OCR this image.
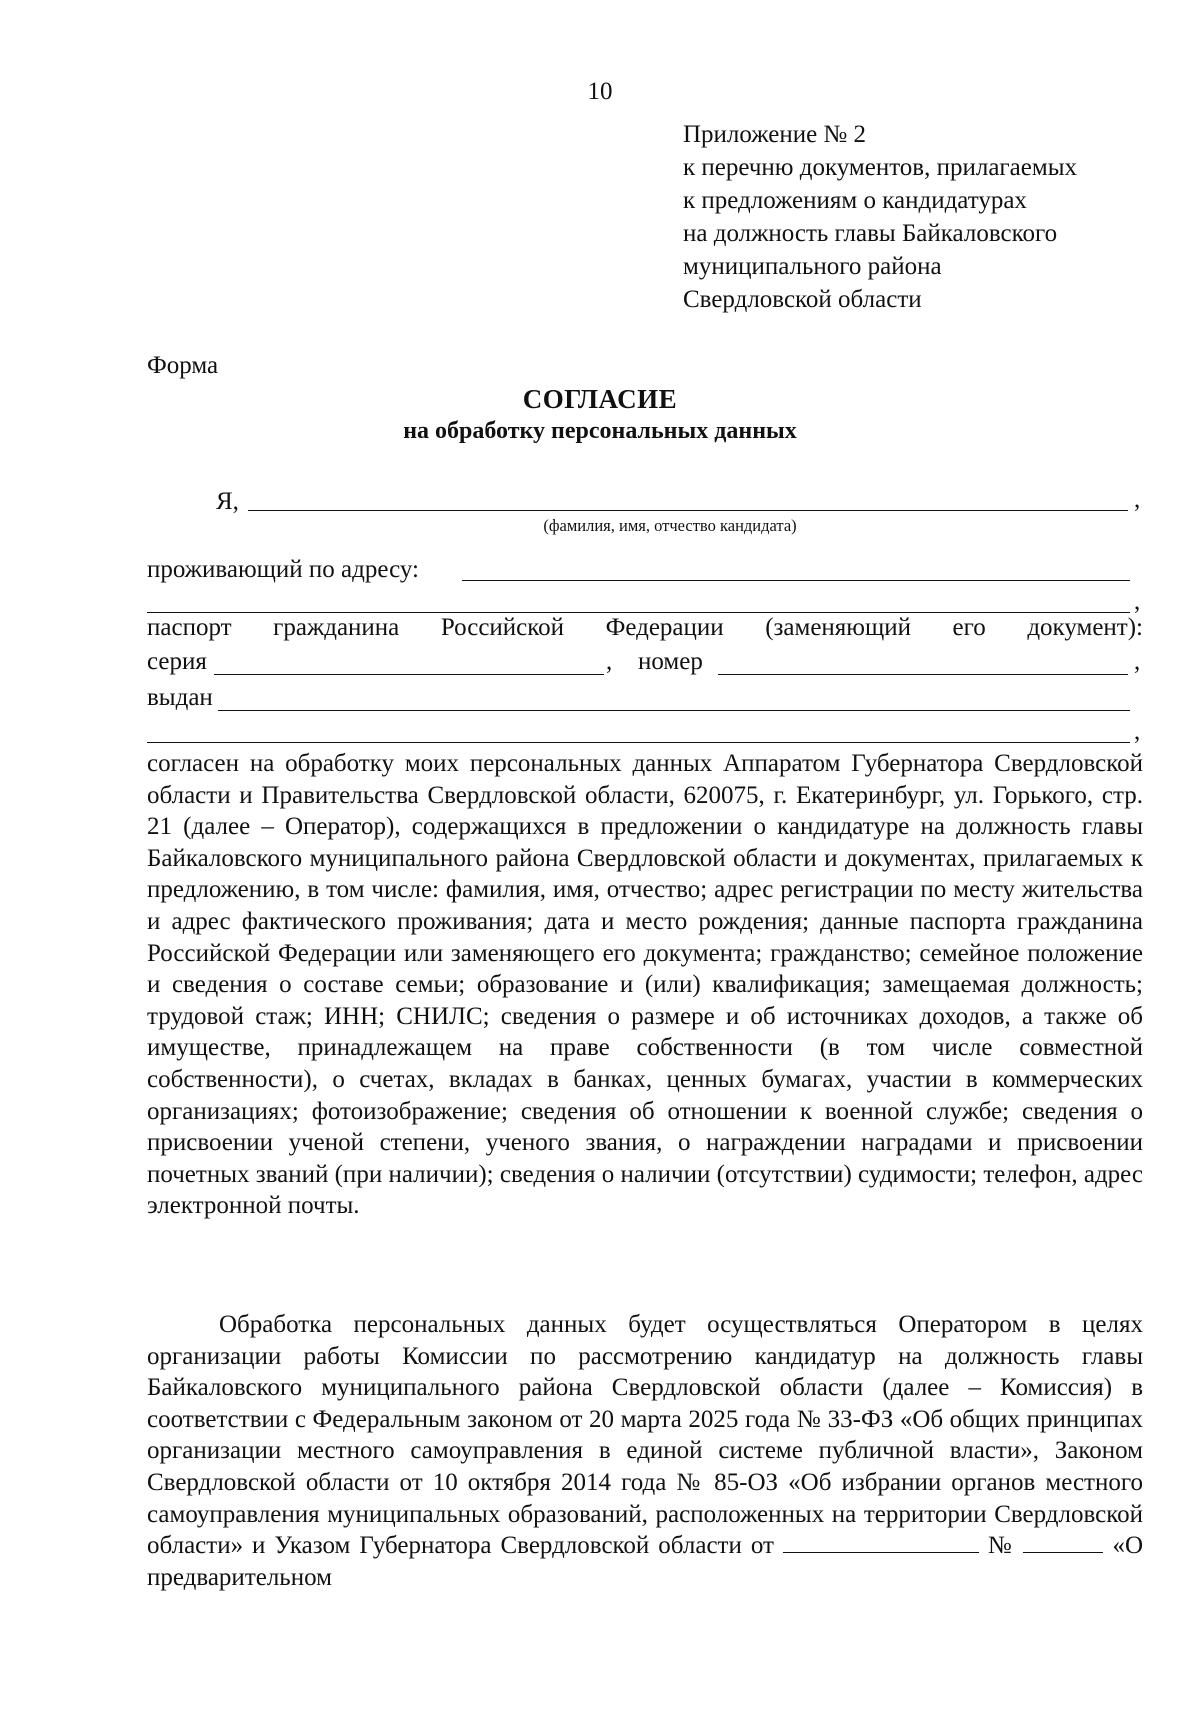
10
Приложение № 2
к перечню документов, прилагаемых
к предложениям о кандидатурах
на должность главы Байкаловского
муниципального района
Свердловской области
Форма
СОГЛАСИЕ
на обработку персональных данных
Я,	,
(фамилия, имя, отчество кандидата)
проживающий по адресу:
,
паспорт гражданина Российской Федерации (заменяющий его документ):
серия	, номер	,
выдан
,
согласен на обработку моих персональных данных Аппаратом Губернатора Свердловской области и Правительства Свердловской области, 620075, г. Екатеринбург, ул. Горького, стр. 21 (далее – Оператор), содержащихся в предложении о кандидатуре на должность главы Байкаловского муниципального района Свердловской области и документах, прилагаемых к предложению, в том числе: фамилия, имя, отчество; адрес регистрации по месту жительства и адрес фактического проживания; дата и место рождения; данные паспорта гражданина Российской Федерации или заменяющего его документа; гражданство; семейное положение и сведения о составе семьи; образование и (или) квалификация; замещаемая должность; трудовой стаж; ИНН; СНИЛС; сведения о размере и об источниках доходов, а также об имуществе, принадлежащем на праве собственности (в том числе совместной собственности), о счетах, вкладах в банках, ценных бумагах, участии в коммерческих организациях; фотоизображение; сведения об отношении к военной службе; сведения о присвоении ученой степени, ученого звания, о награждении наградами и присвоении почетных званий (при наличии); сведения о наличии (отсутствии) судимости; телефон, адрес электронной почты.
Обработка персональных данных будет осуществляться Оператором в целях организации работы Комиссии по рассмотрению кандидатур на должность главы Байкаловского муниципального района Свердловской области (далее – Комиссия) в соответствии с Федеральным законом от 20 марта 2025 года № 33-ФЗ «Об общих принципах организации местного самоуправления в единой системе публичной власти», Законом Свердловской области от 10 октября 2014 года № 85-ОЗ «Об избрании органов местного самоуправления муниципальных образований, расположенных на территории Свердловской области» и Указом Губернатора Свердловской области от	№	«О предварительном
